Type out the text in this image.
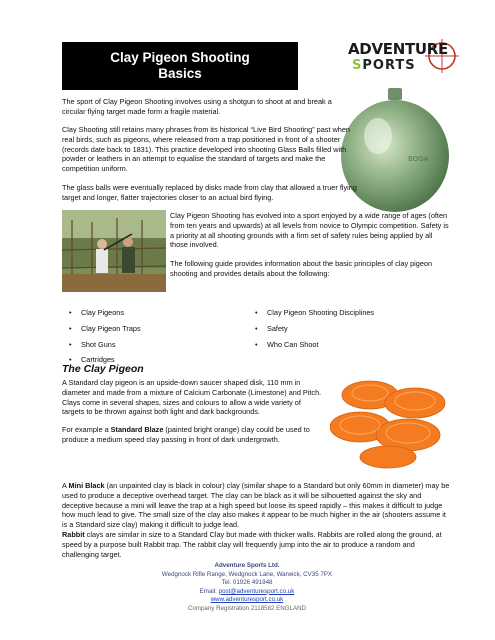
Clay Pigeon Shooting
Basics
ADVENTURE
SPORTS
BOGA

The sport of Clay Pigeon Shooting involves using a shotgun to shoot at and break a circular flying target made form a fragile material.

Clay Shooting still retains many phrases from its historical “Live Bird Shooting” past when real birds, such as pigeons, where released from a trap positioned in front of a shooter (records date back to 1831). This practice developed into shooting Glass Balls filled with powder or leathers in an attempt to equalise the standard of targets and make the competition uniform.

The glass balls were eventually replaced by disks made from clay that allowed a truer flying target and longer, flatter trajectories closer to an actual bird flying.

Clay Pigeon Shooting has evolved into a sport enjoyed by a wide range of ages (often from ten years and upwards) at all levels from novice to Olympic competition. Safety is a priority at all shooting grounds with a firm set of safety rules being applied by all those involved.

The following guide provides information about the basic principles of clay pigeon shooting and provides details about the following:

• Clay Pigeons
• Clay Pigeon Traps
• Shot Guns
• Cartridges
• Clay Pigeon Shooting Disciplines
• Safety
• Who Can Shoot
The Clay Pigeon

A Standard clay pigeon is an upside-down saucer shaped disk, 110 mm in diameter and made from a mixture of Calcium Carbonate (Limestone) and Pitch. Clays come in several shapes, sizes and colours to allow a wide variety of targets to be thrown against both light and dark backgrounds.

For example a Standard Blaze (painted bright orange) clay could be used to produce a medium speed clay passing in front of dark undergrowth.

A Mini Black (an unpainted clay is black in colour) clay (similar shape to a Standard but only 60mm in diameter) may be used to produce a deceptive overhead target. The clay can be black as it will be silhouetted against the sky and deceptive because a mini will leave the trap at a high speed but loose its speed rapidly – this makes it difficult to judge how much lead to give. The small size of the clay also makes it appear to be much higher in the air (shooters assume it is a Standard size clay) making it difficult to judge lead.

Rabbit clays are similar in size to a Standard Clay but made with thicker walls. Rabbits are rolled along the ground, at speed by a purpose built Rabbit trap. The rabbit clay will frequently jump into the air to produce a random and challenging target.

Adventure Sports Ltd.
Wedgnock Rifle Range, Wedgnock Lane, Warwick, CV35 7PX
Tel. 01926 491948
Email: post@adventuresport.co.uk
www.adventuresport.co.uk
Company Registration 2118582 ENGLAND
